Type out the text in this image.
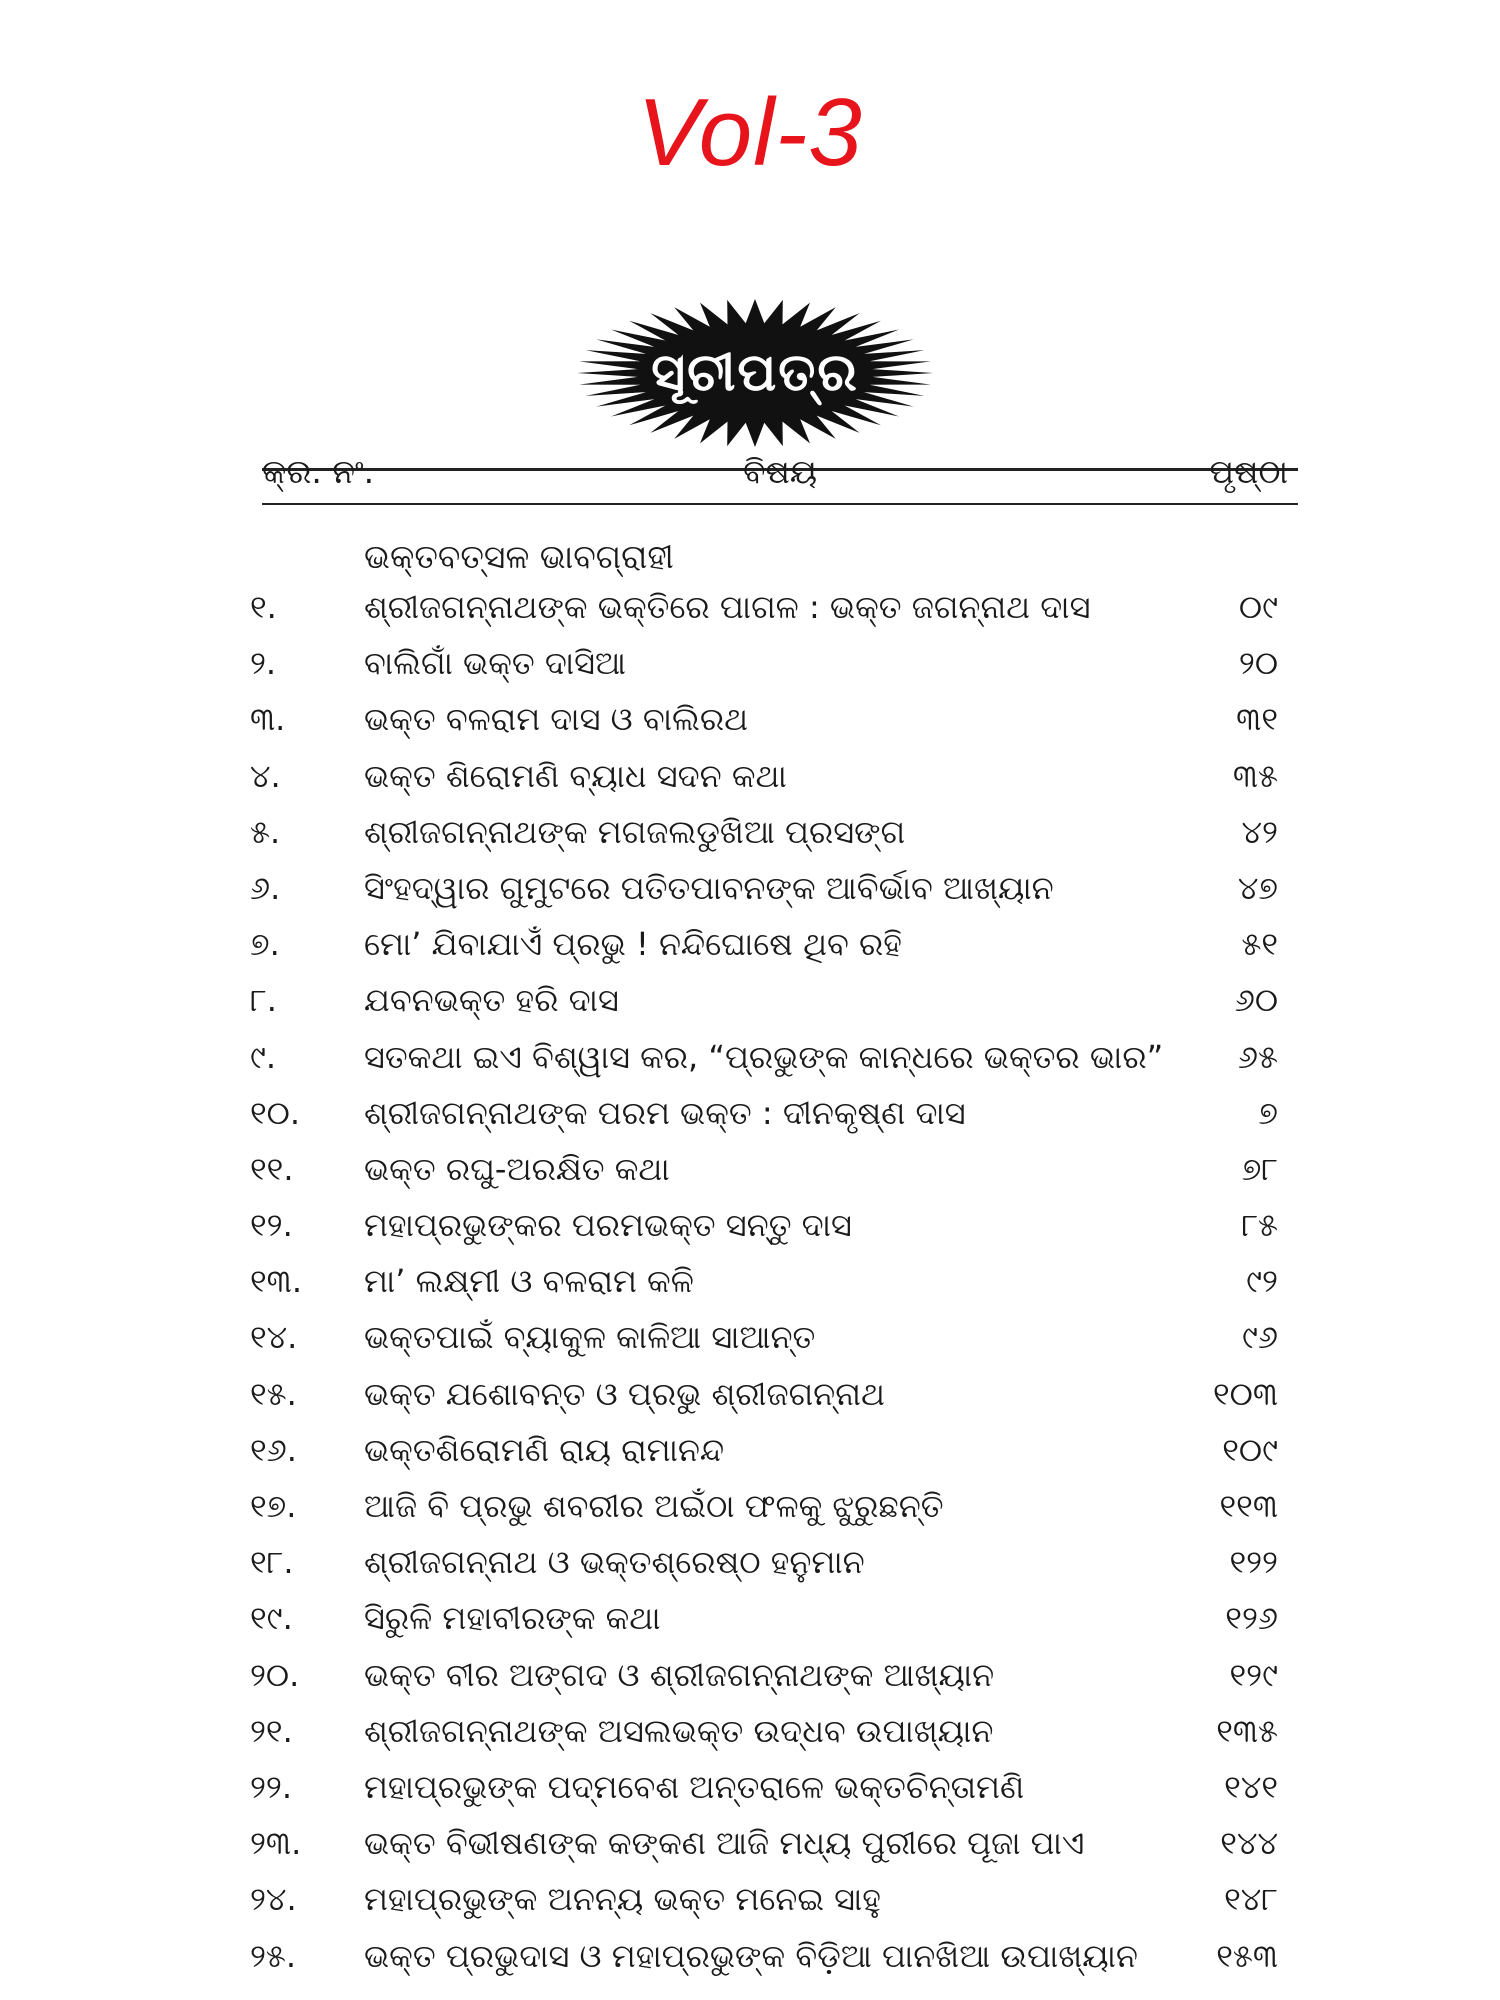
Vol-3
ସୂଚୀପତ୍ର
କ୍ର. ନଂ.	ବିଷୟ	ପୃଷ୍ଠା
ଭକ୍ତବତ୍ସଳ ଭାବଗ୍ରାହୀ
୧.	ଶ୍ରୀଜଗନ୍ନାଥଙ୍କ ଭକ୍ତିରେ ପାଗଳ : ଭକ୍ତ ଜଗନ୍ନାଥ ଦାସ	୦୯
୨.	ବାଲିଗାଁ ଭକ୍ତ ଦାସିଆ	୨୦
୩.	ଭକ୍ତ ବଳରାମ ଦାସ ଓ ବାଲିରଥ	୩୧
୪.	ଭକ୍ତ ଶିରୋମଣି ବ୍ୟାଧ ସଦନ କଥା	୩୫
୫.	ଶ୍ରୀଜଗନ୍ନାଥଙ୍କ ମଗଜଲଡୁଖିଆ ପ୍ରସଙ୍ଗ	୪୨
୬.	ସିଂହଦ୍ୱାର ଗୁମୁଟରେ ପତିତପାବନଙ୍କ ଆବିର୍ଭାବ ଆଖ୍ୟାନ	୪୭
୭.	ମୋ’ ଯିବାଯାଏଁ ପ୍ରଭୁ ! ନନ୍ଦିଘୋଷେ ଥିବ ରହି	୫୧
୮.	ଯବନଭକ୍ତ ହରି ଦାସ	୬୦
୯.	ସତକଥା ଇଏ ବିଶ୍ୱାସ କର, “ପ୍ରଭୁଙ୍କ କାନ୍ଧରେ ଭକ୍ତର ଭାର”	୬୫
୧୦.	ଶ୍ରୀଜଗନ୍ନାଥଙ୍କ ପରମ ଭକ୍ତ : ଦୀନକୃଷ୍ଣ ଦାସ	୭
୧୧.	ଭକ୍ତ ରଘୁ-ଅରକ୍ଷିତ କଥା	୭୮
୧୨.	ମହାପ୍ରଭୁଙ୍କର ପରମଭକ୍ତ ସନ୍ତୁ ଦାସ	୮୫
୧୩.	ମା’ ଲକ୍ଷ୍ମୀ ଓ ବଳରାମ କଳି	୯୨
୧୪.	ଭକ୍ତପାଇଁ ବ୍ୟାକୁଳ କାଳିଆ ସାଆନ୍ତ	୯୬
୧୫.	ଭକ୍ତ ଯଶୋବନ୍ତ ଓ ପ୍ରଭୁ ଶ୍ରୀଜଗନ୍ନାଥ	୧୦୩
୧୬.	ଭକ୍ତଶିରୋମଣି ରାୟ ରାମାନନ୍ଦ	୧୦୯
୧୭.	ଆଜି ବି ପ୍ରଭୁ ଶବରୀର ଅଇଁଠା ଫଳକୁ ଝୁରୁଛନ୍ତି	୧୧୩
୧୮.	ଶ୍ରୀଜଗନ୍ନାଥ ଓ ଭକ୍ତଶ୍ରେଷ୍ଠ ହନୁମାନ	୧୨୨
୧୯.	ସିରୁଳି ମହାବୀରଙ୍କ କଥା	୧୨୬
୨୦.	ଭକ୍ତ ବୀର ଅଙ୍ଗଦ ଓ ଶ୍ରୀଜଗନ୍ନାଥଙ୍କ ଆଖ୍ୟାନ	୧୨୯
୨୧.	ଶ୍ରୀଜଗନ୍ନାଥଙ୍କ ଅସଲଭକ୍ତ ଉଦ୍ଧବ ଉପାଖ୍ୟାନ	୧୩୫
୨୨.	ମହାପ୍ରଭୁଙ୍କ ପଦ୍ମବେଶ ଅନ୍ତରାଳେ ଭକ୍ତଚିନ୍ତାମଣି	୧୪୧
୨୩.	ଭକ୍ତ ବିଭୀଷଣଙ୍କ କଙ୍କଣ ଆଜି ମଧ୍ୟ ପୁରୀରେ ପୂଜା ପାଏ	୧୪୪
୨୪.	ମହାପ୍ରଭୁଙ୍କ ଅନନ୍ୟ ଭକ୍ତ ମନେଇ ସାହୁ	୧୪୮
୨୫.	ଭକ୍ତ ପ୍ରଭୁଦାସ ଓ ମହାପ୍ରଭୁଙ୍କ ବିଡ଼ିଆ ପାନଖିଆ ଉପାଖ୍ୟାନ	୧୫୩
